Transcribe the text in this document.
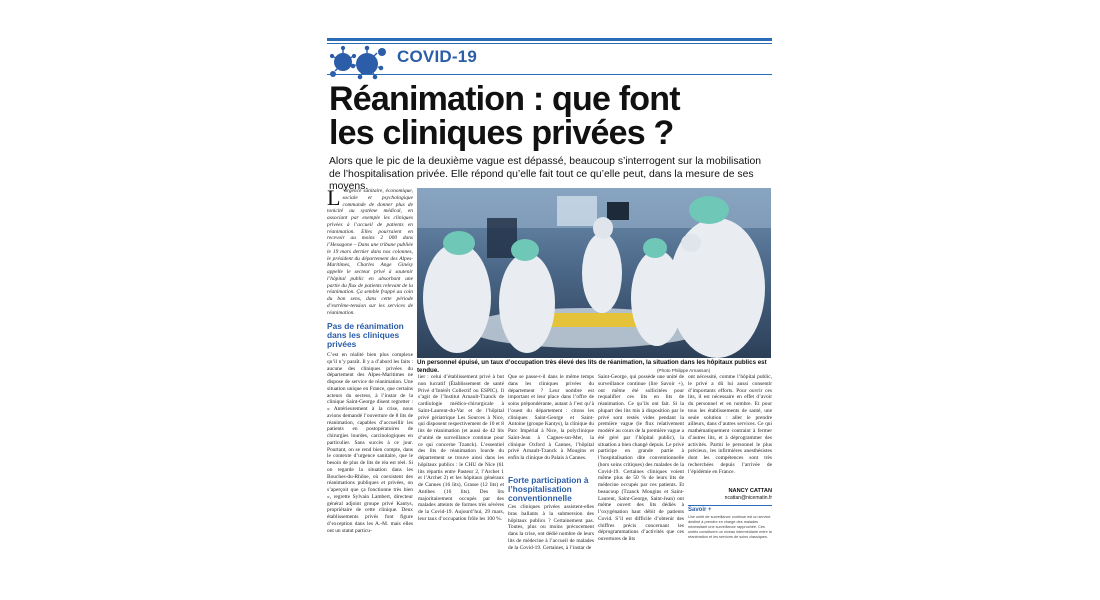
COVID-19
Réanimation : que font
les cliniques privées ?
Alors que le pic de la deuxième vague est dépassé, beaucoup s’interrogent sur la mobilisation de l’hospitalisation privée. Elle répond qu’elle fait tout ce qu’elle peut, dans la mesure de ses moyens.
L ’urgence sanitaire, économique, sociale et psychologique commande de donner plus de tonicité au système médical, en associant par exemple les cliniques privées à l’accueil de patients en réanimation. Elles pourraient en recevoir au moins 2 000 dans l’Hexagone – Dans une tribune publiée le 19 mars dernier dans nos colonnes, le président du département des Alpes-Maritimes, Charles Ange Ginésy appelle le secteur privé à soutenir l’hôpital public en absorbant une partie du flux de patients relevant de la réanimation. Ça semble frappé au coin du bon sens, dans cette période d’extrême-tension sur les services de réanimation.
Un personnel épuisé, un taux d’occupation très élevé des lits de réanimation, la situation dans les hôpitaux publics est tendue.	(Photo Philippe Arnassan)
Pas de réanimation dans les cliniques privées
C’est en réalité bien plus complexe qu’il n’y paraît. Il y a d’abord les faits : aucune des cliniques privées du département des Alpes-Maritimes ne dispose de service de réanimation. Une situation unique en France, que certains acteurs du secteur, à l’instar de la clinique Saint-George disent regretter : « Antérieurement à la crise, nous avions demandé l’ouverture de 8 lits de réanimation, capables d’accueillir les patients en postopératoires de chirurgies lourdes, carcinologiques en particulier. Sans succès à ce jour. Pourtant, on se rend bien compte, dans le contexte d’urgence sanitaire, que le besoin de plus de lits de réa est réel. Si on regarde la situation dans les Bouches-du-Rhône, où coexistent des réanimations publiques et privées, on s’aperçoit que ça fonctionne très bien », regrette Sylvain Lambert, directeur général adjoint groupe privé Kantys, propriétaire de cette clinique. Deux établissements privés font figure d’exception dans les A.-M. mais elles ont un statut particu-
lier : celui d’établissement privé à but non lucratif (Établissement de santé Privé d’Intérêt Collectif ou ESPIC). Il s’agit de l’Institut Arnault-Tzanck de cardiologie médico-chirurgicale à Saint-Laurent-du-Var et de l’hôpital privé gériatrique Les Sources à Nice, qui disposent respectivement de 10 et 8 lits de réanimation (et aussi de 42 lits d’unité de surveillance continue pour ce qui concerne Tzanck). L’essentiel des lits de réanimation lourde du département se trouve ainsi dans les hôpitaux publics : le CHU de Nice (61 lits répartis entre Pasteur 2, l’Archet 1 et l’Archet 2) et les hôpitaux généraux de Cannes (16 lits), Grasse (12 lits) et Antibes (16 lits). Des lits majoritairement occupés par des malades atteints de formes très sévères de la Covid-19. Aujourd’hui, 29 mars, leur taux d’occupation frôle les 100 %.
Que se passe-t-il dans le même temps dans les cliniques privées du département ? Leur nombre est important et leur place dans l’offre de soins prépondérante, autant à l’est qu’à l’ouest du département : citons les cliniques Saint-George et Saint-Antoine (groupe Kantys), la clinique du Parc Impérial à Nice, la polyclinique Saint-Jean à Cagnes-sur-Mer, la clinique Oxford à Cannes, l’hôpital privé Arnault-Tzanck à Mougins et enfin la clinique du Palais à Cannes.
Forte participation à l’hospitalisation conventionnelle
Ces cliniques privées assistent-elles bras ballants à la submersion des hôpitaux publics ? Certainement pas. Toutes, plus ou moins précocement dans la crise, ont dédié nombre de leurs lits de médecine à l’accueil de malades de la Covid-19. Certaines, à l’instar de
Saint-George, qui possède une unité de surveillance continue (lire Savoir +), ont même été sollicitées pour requalifier ces lits en lits de réanimation. Ce qu’ils ont fait. Si la plupart des lits mis à disposition par le privé sont restés vides pendant la première vague (le flux relativement modéré au cours de la première vague a été géré par l’hôpital public), la situation a bien changé depuis. Le privé participe en grande partie à l’hospitalisation dite conventionnelle (hors soins critiques) des malades de la Covid-19. Certaines cliniques voient même plus de 50 % de leurs lits de médecine occupés par ces patients. Et beaucoup (Tzanck Mougins et Saint-Laurent, Saint-George, Saint-Jean) ont même ouvert des lits dédiés à l’oxygénation haut débit de patients Covid. S’il est difficile d’obtenir des chiffres précis concernant les déprogrammations d’activités que ces ouvertures de lits
ont nécessité, comme l’hôpital public, le privé a dû lui aussi consentir d’importants efforts. Pour ouvrir ces lits, il est nécessaire en effet d’avoir du personnel et en nombre. Et pour tous les établissements de santé, une seule solution : aller le prendre ailleurs, dans d’autres services. Ce qui mathématiquement contraint à fermer d’autres lits, et à déprogrammer des activités. Parmi le personnel le plus précieux, les infirmières anesthésistes dont les compétences sont très recherchées depuis l’arrivée de l’épidémie en France.
NANCY CATTAN
ncattan@nicematin.fr
Savoir +
Une unité de surveillance continue est un service destiné à prendre en charge des malades nécessitant une surveillance rapprochée. Ces unités constituent un niveau intermédiaire entre la réanimation et les services de soins classiques.
